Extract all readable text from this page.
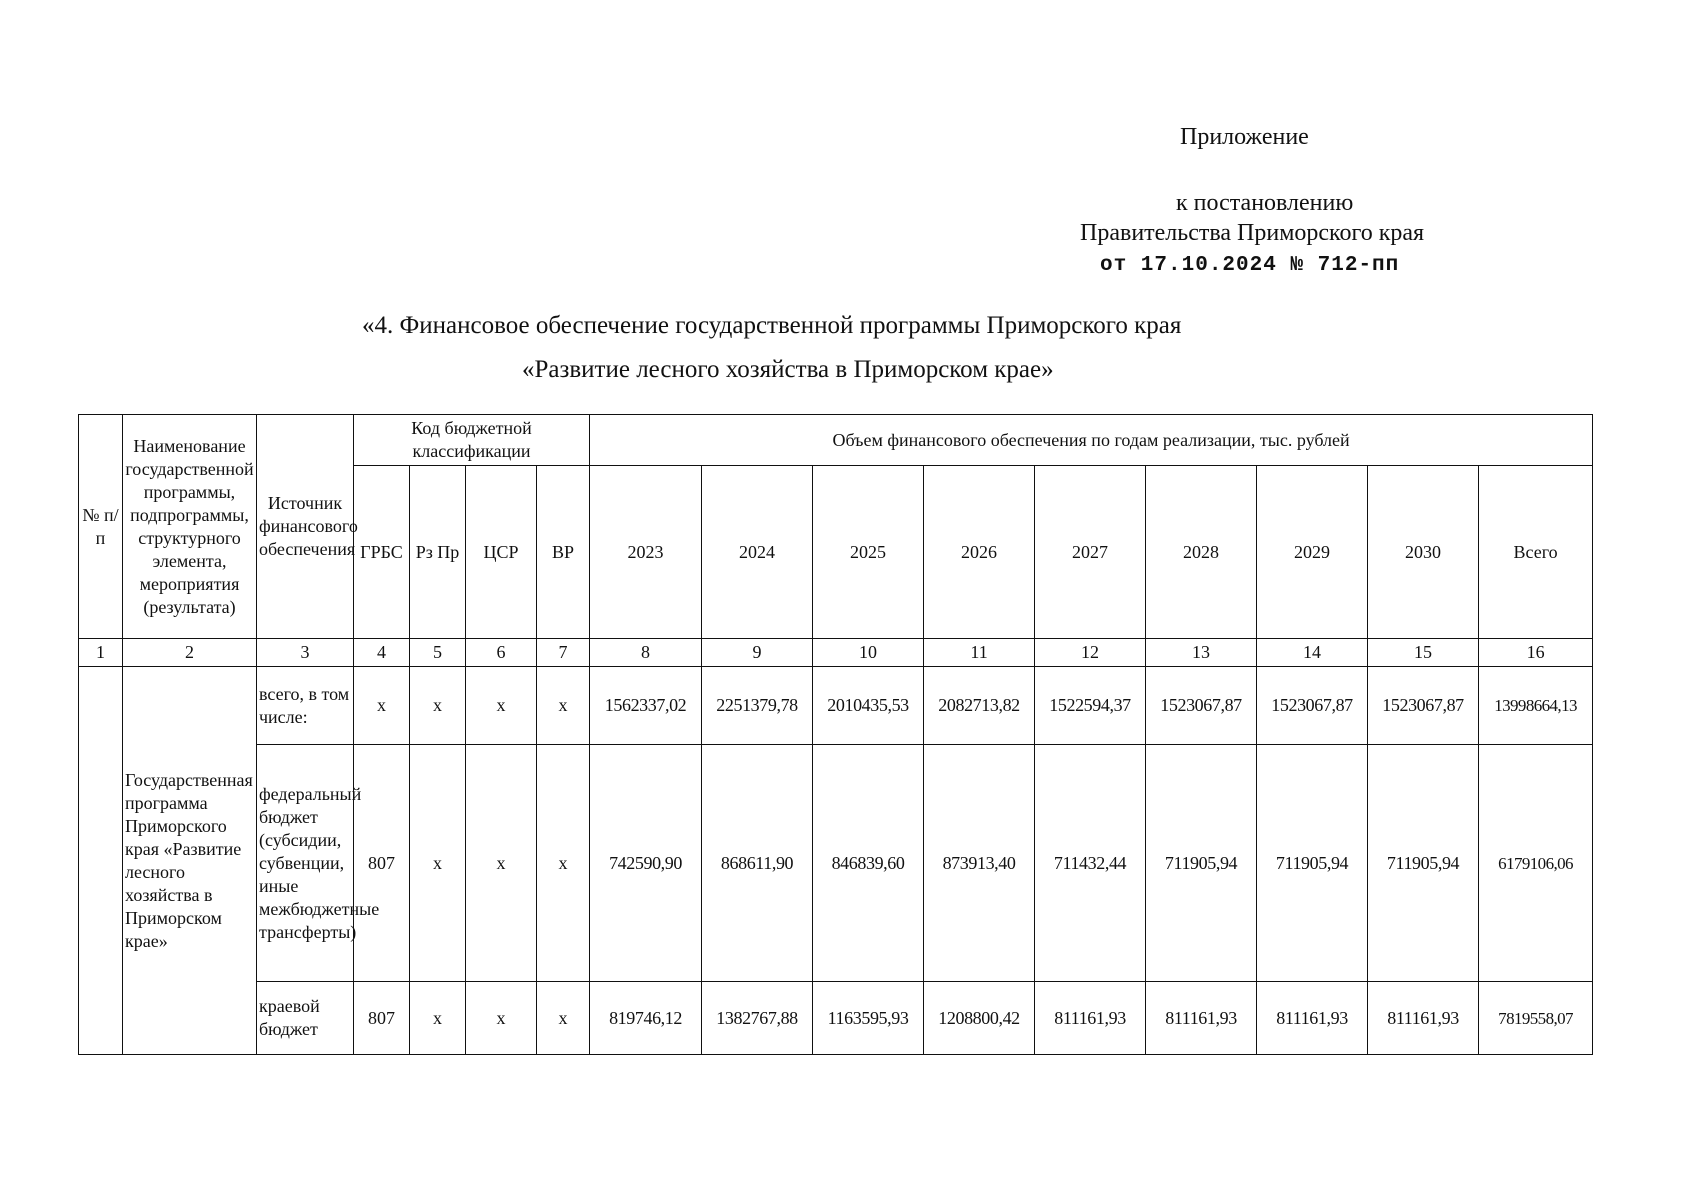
Приложение
к постановлению
Правительства Приморского края
от 17.10.2024 № 712-пп
«4. Финансовое обеспечение государственной программы Приморского края
«Развитие лесного хозяйства в Приморском крае»
№ п/п	Наименование государственной программы, подпрограммы, структурного элемента, мероприятия (результата)	Источник финансового обеспечения	Код бюджетной классификации				Объем финансового обеспечения по годам реализации, тыс. рублей								
			ГРБС	Рз Пр	ЦСР	ВР	2023	2024	2025	2026	2027	2028	2029	2030	Всего
1	2	3	4	5	6	7	8	9	10	11	12	13	14	15	16
	Государственная программа Приморского края «Развитие лесного хозяйства в Приморском крае»	всего, в том числе:	x	x	x	x	1562337,02	2251379,78	2010435,53	2082713,82	1522594,37	1523067,87	1523067,87	1523067,87	13998664,13
		федеральный бюджет (субсидии, субвенции, иные межбюджетные трансферты)	807	x	x	x	742590,90	868611,90	846839,60	873913,40	711432,44	711905,94	711905,94	711905,94	6179106,06
		краевой бюджет	807	x	x	x	819746,12	1382767,88	1163595,93	1208800,42	811161,93	811161,93	811161,93	811161,93	7819558,07
